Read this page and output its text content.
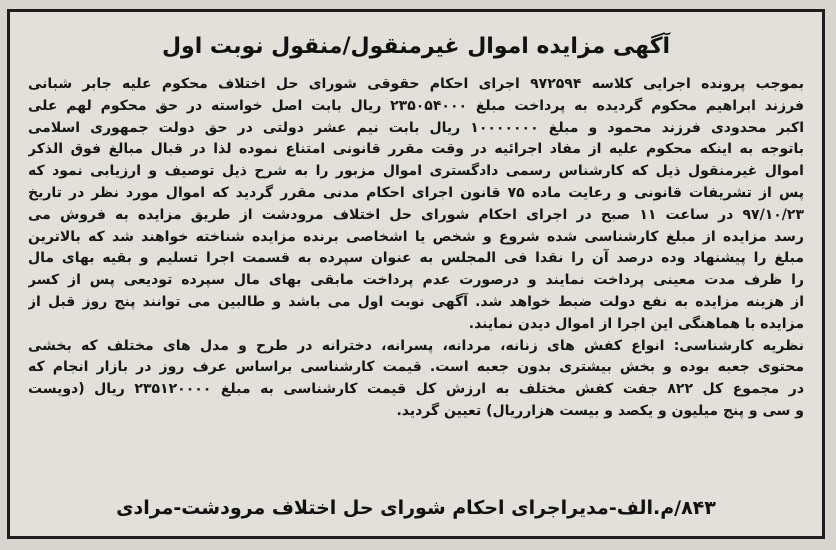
آگهی مزایده اموال غیرمنقول/منقول نوبت اول
بموجب پرونده اجرایی کلاسه ۹۷۲۵۹۴ اجرای احکام حقوقی شورای حل اختلاف محکوم علیه جابر شبانی
فرزند ابراهیم محکوم گردیده به پرداخت مبلغ ۲۳۵۰۵۴۰۰۰ ریال بابت اصل خواسته در حق محکوم لهم علی
اکبر محدودی فرزند محمود و مبلغ ۱۰۰۰۰۰۰۰ ریال بابت نیم عشر دولتی در حق دولت جمهوری اسلامی
باتوجه به اینکه محکوم علیه از مفاد اجرائیه در وقت مقرر قانونی امتناع نموده لذا در قبال مبالغ فوق الذکر
اموال غیرمنقول ذیل که کارشناس رسمی دادگستری اموال مزبور را به شرح ذیل توصیف و ارزیابی نمود که
پس از تشریفات قانونی و رعایت ماده ۷۵ قانون اجرای احکام مدنی مقرر گردید که اموال مورد نظر در تاریخ
۹۷/۱۰/۲۳ در ساعت ۱۱ صبح در اجرای احکام شورای حل اختلاف مرودشت از طریق مزایده به فروش می
رسد مزایده از مبلغ کارشناسی شده شروع و شخص یا اشخاصی برنده مزایده شناخته خواهند شد که بالاترین
مبلغ را پیشنهاد وده درصد آن را نقدا فی المجلس به عنوان سپرده به قسمت اجرا تسلیم و بقیه بهای مال
را ظرف مدت معینی پرداخت نمایند و درصورت عدم پرداخت مابقی بهای مال سپرده تودیعی پس از کسر
از هزینه مزایده به نفع دولت ضبط خواهد شد. آگهی نوبت اول می باشد و طالبین می توانند پنج روز قبل از
مزایده با هماهنگی این اجرا از اموال دیدن نمایند.
نظریه کارشناسی: انواع کفش های زنانه، مردانه، پسرانه، دخترانه در طرح و مدل های مختلف که بخشی
محتوی جعبه بوده و بخش بیشتری بدون جعبه است. قیمت کارشناسی براساس عرف روز در بازار انجام که
در مجموع کل ۸۲۲ جفت کفش مختلف به ارزش کل قیمت کارشناسی به مبلغ ۲۳۵۱۲۰۰۰۰ ریال (دویست
و سی و پنج میلیون و یکصد و بیست هزارریال) تعیین گردید.
۸۴۳/م.الف-مدیراجرای احکام شورای حل اختلاف مرودشت-مرادی
